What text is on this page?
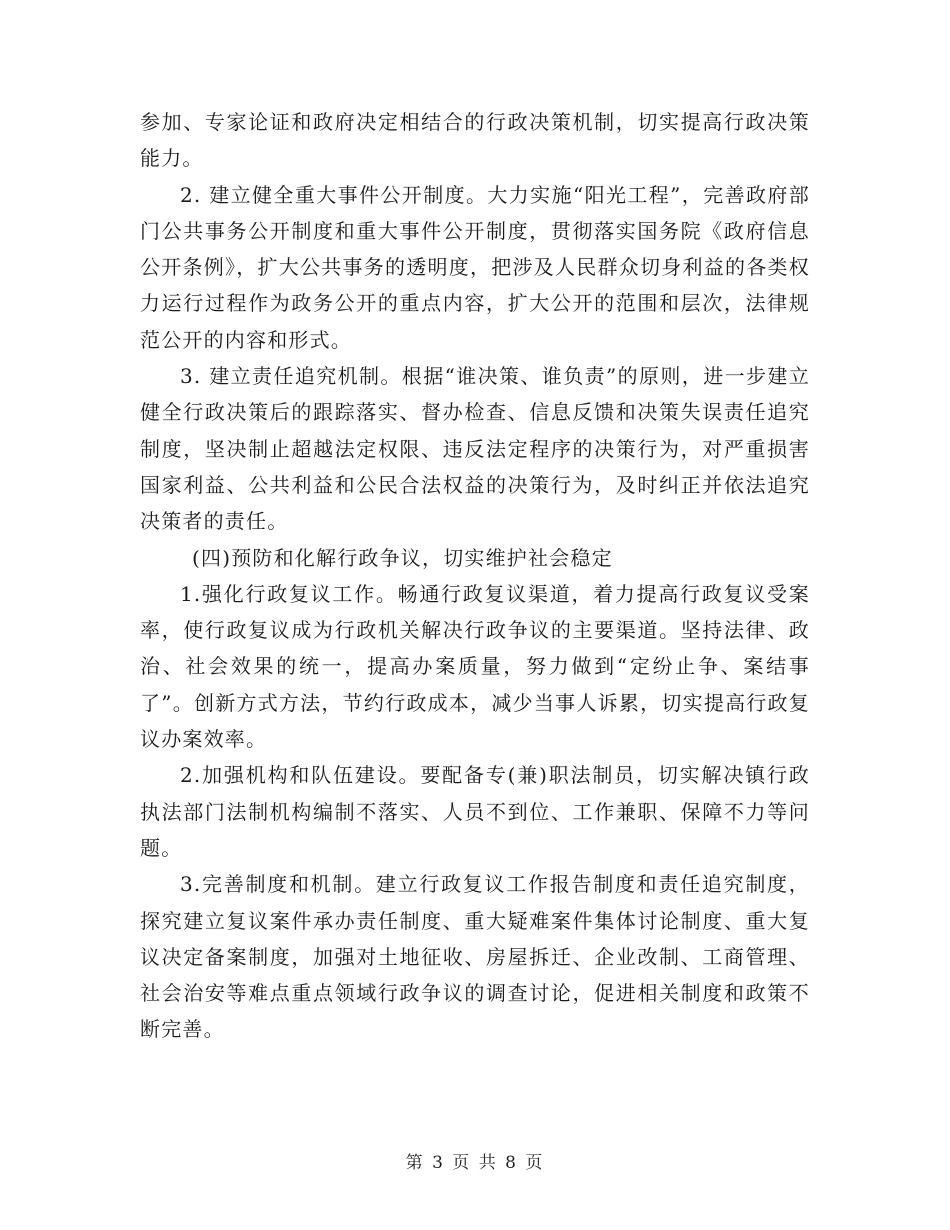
参加、专家论证和政府决定相结合的行政决策机制，切实提高行政决策能力。

2. 建立健全重大事件公开制度。大力实施“阳光工程”，完善政府部门公共事务公开制度和重大事件公开制度，贯彻落实国务院《政府信息公开条例》，扩大公共事务的透明度，把涉及人民群众切身利益的各类权力运行过程作为政务公开的重点内容，扩大公开的范围和层次，法律规范公开的内容和形式。

3. 建立责任追究机制。根据“谁决策、谁负责”的原则，进一步建立健全行政决策后的跟踪落实、督办检查、信息反馈和决策失误责任追究制度，坚决制止超越法定权限、违反法定程序的决策行为，对严重损害国家利益、公共利益和公民合法权益的决策行为，及时纠正并依法追究决策者的责任。

(四)预防和化解行政争议，切实维护社会稳定

1.强化行政复议工作。畅通行政复议渠道，着力提高行政复议受案率，使行政复议成为行政机关解决行政争议的主要渠道。坚持法律、政治、社会效果的统一，提高办案质量，努力做到“定纷止争、案结事了”。创新方式方法，节约行政成本，减少当事人诉累，切实提高行政复议办案效率。

2.加强机构和队伍建设。要配备专(兼)职法制员，切实解决镇行政执法部门法制机构编制不落实、人员不到位、工作兼职、保障不力等问题。

3.完善制度和机制。建立行政复议工作报告制度和责任追究制度，探究建立复议案件承办责任制度、重大疑难案件集体讨论制度、重大复议决定备案制度，加强对土地征收、房屋拆迁、企业改制、工商管理、社会治安等难点重点领域行政争议的调查讨论，促进相关制度和政策不断完善。

第 3 页 共 8 页
